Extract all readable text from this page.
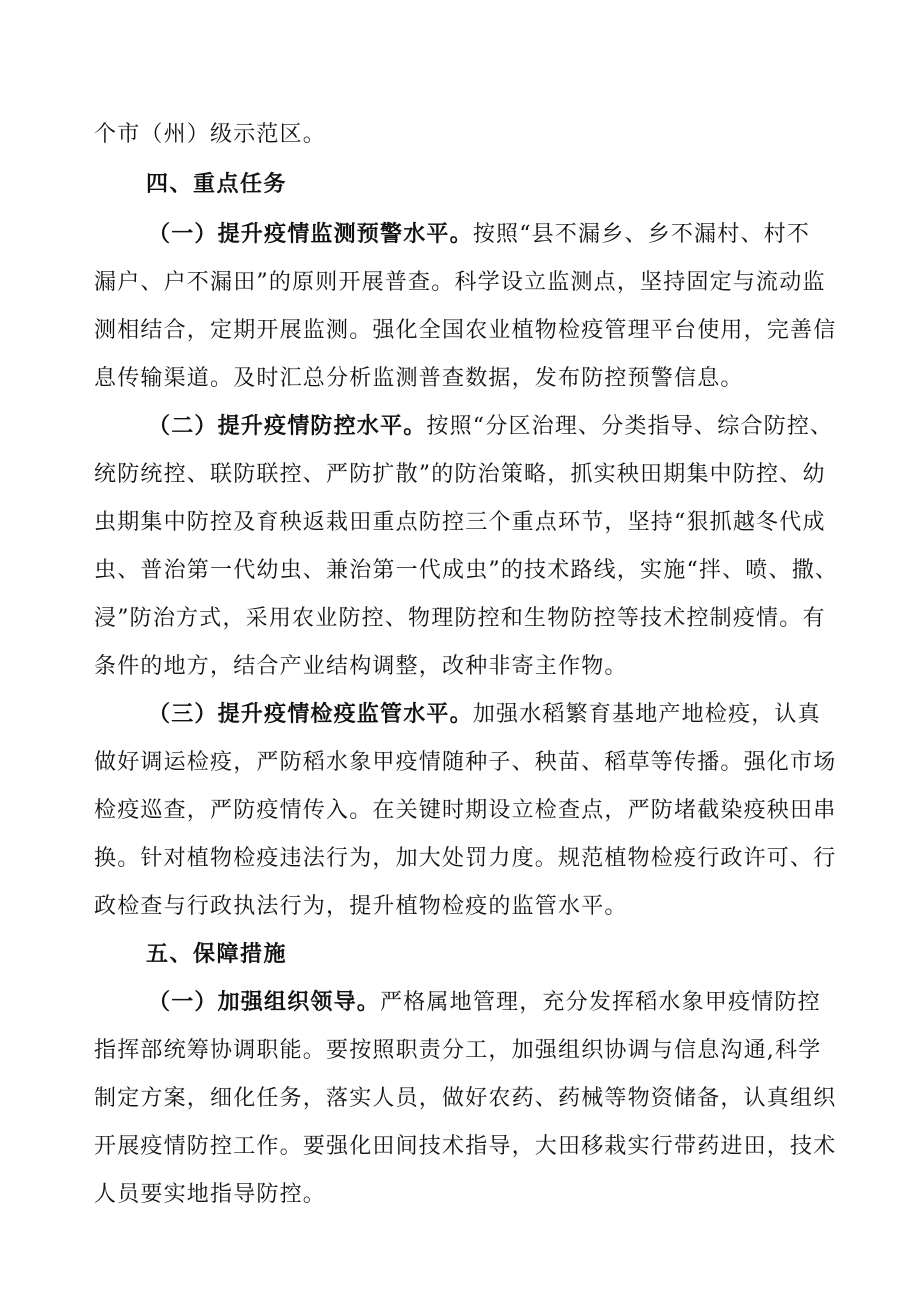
个市（州）级示范区。
四、重点任务
（一）提升疫情监测预警水平。按照“县不漏乡、乡不漏村、村不
漏户、户不漏田”的原则开展普查。科学设立监测点，坚持固定与流动监
测相结合，定期开展监测。强化全国农业植物检疫管理平台使用，完善信
息传输渠道。及时汇总分析监测普查数据，发布防控预警信息。
（二）提升疫情防控水平。按照“分区治理、分类指导、综合防控、
统防统控、联防联控、严防扩散”的防治策略，抓实秧田期集中防控、幼
虫期集中防控及育秧返栽田重点防控三个重点环节，坚持“狠抓越冬代成
虫、普治第一代幼虫、兼治第一代成虫”的技术路线，实施“拌、喷、撒、
浸”防治方式，采用农业防控、物理防控和生物防控等技术控制疫情。有
条件的地方，结合产业结构调整，改种非寄主作物。
（三）提升疫情检疫监管水平。加强水稻繁育基地产地检疫，认真
做好调运检疫，严防稻水象甲疫情随种子、秧苗、稻草等传播。强化市场
检疫巡查，严防疫情传入。在关键时期设立检查点，严防堵截染疫秧田串
换。针对植物检疫违法行为，加大处罚力度。规范植物检疫行政许可、行
政检查与行政执法行为，提升植物检疫的监管水平。
五、保障措施
（一）加强组织领导。严格属地管理，充分发挥稻水象甲疫情防控
指挥部统筹协调职能。要按照职责分工，加强组织协调与信息沟通,科学
制定方案，细化任务，落实人员，做好农药、药械等物资储备，认真组织
开展疫情防控工作。要强化田间技术指导，大田移栽实行带药进田，技术
人员要实地指导防控。
